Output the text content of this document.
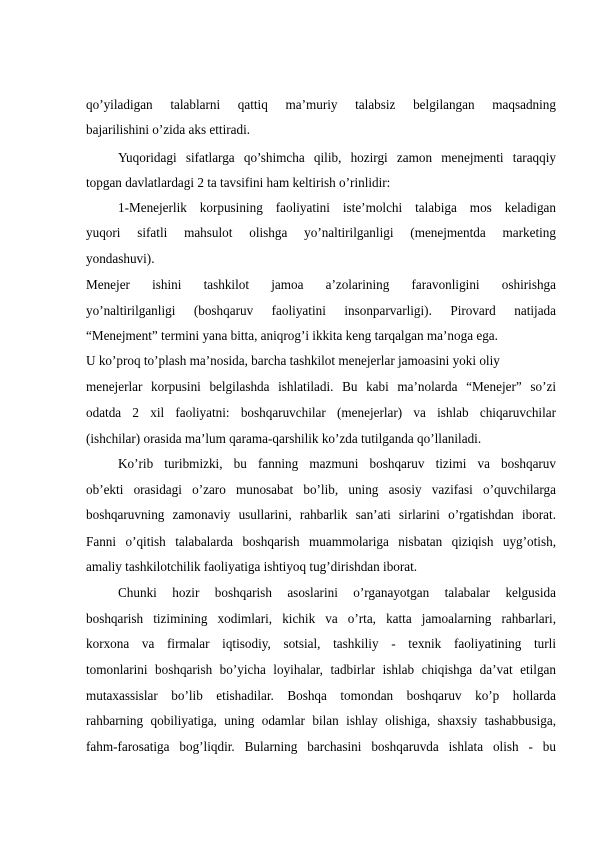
qo’yiladigan talablarni qattiq ma’muriy talabsiz belgilangan maqsadning
bajarilishini o’zida aks ettiradi.
Yuqoridagi sifatlarga qo’shimcha qilib, hozirgi zamon menejmenti taraqqiy
topgan davlatlardagi 2 ta tavsifini ham keltirish o’rinlidir:
1-Menejerlik korpusining faoliyatini iste’molchi talabiga mos keladigan
yuqori sifatli mahsulot olishga yo’naltirilganligi (menejmentda marketing
yondashuvi).
Menejer ishini tashkilot jamoa a’zolarining faravonligini oshirishga
yo’naltirilganligi (boshqaruv faoliyatini insonparvarligi). Pirovard natijada
“Menejment” termini yana bitta, aniqrog’i ikkita keng tarqalgan ma’noga ega.
U ko’proq to’plash ma’nosida, barcha tashkilot menejerlar jamoasini yoki oliy
menejerlar korpusini belgilashda ishlatiladi. Bu kabi ma’nolarda “Menejer” so’zi
odatda 2 xil faoliyatni: boshqaruvchilar (menejerlar) va ishlab chiqaruvchilar
(ishchilar) orasida ma’lum qarama-qarshilik ko’zda tutilganda qo’llaniladi.
Ko’rib turibmizki, bu fanning mazmuni boshqaruv tizimi va boshqaruv
ob’ekti orasidagi o’zaro munosabat bo’lib, uning asosiy vazifasi o’quvchilarga
boshqaruvning zamonaviy usullarini, rahbarlik san’ati sirlarini o’rgatishdan iborat.
Fanni o’qitish talabalarda boshqarish muammolariga nisbatan qiziqish uyg’otish,
amaliy tashkilotchilik faoliyatiga ishtiyoq tug’dirishdan iborat.
Chunki hozir boshqarish asoslarini o’rganayotgan talabalar kelgusida
boshqarish tizimining xodimlari, kichik va o’rta, katta jamoalarning rahbarlari,
korxona va firmalar iqtisodiy, sotsial, tashkiliy - texnik faoliyatining turli
tomonlarini boshqarish bo’yicha loyihalar, tadbirlar ishlab chiqishga da’vat etilgan
mutaxassislar bo’lib etishadilar. Boshqa tomondan boshqaruv ko’p hollarda
rahbarning qobiliyatiga, uning odamlar bilan ishlay olishiga, shaxsiy tashabbusiga,
fahm-farosatiga bog’liqdir. Bularning barchasini boshqaruvda ishlata olish - bu
